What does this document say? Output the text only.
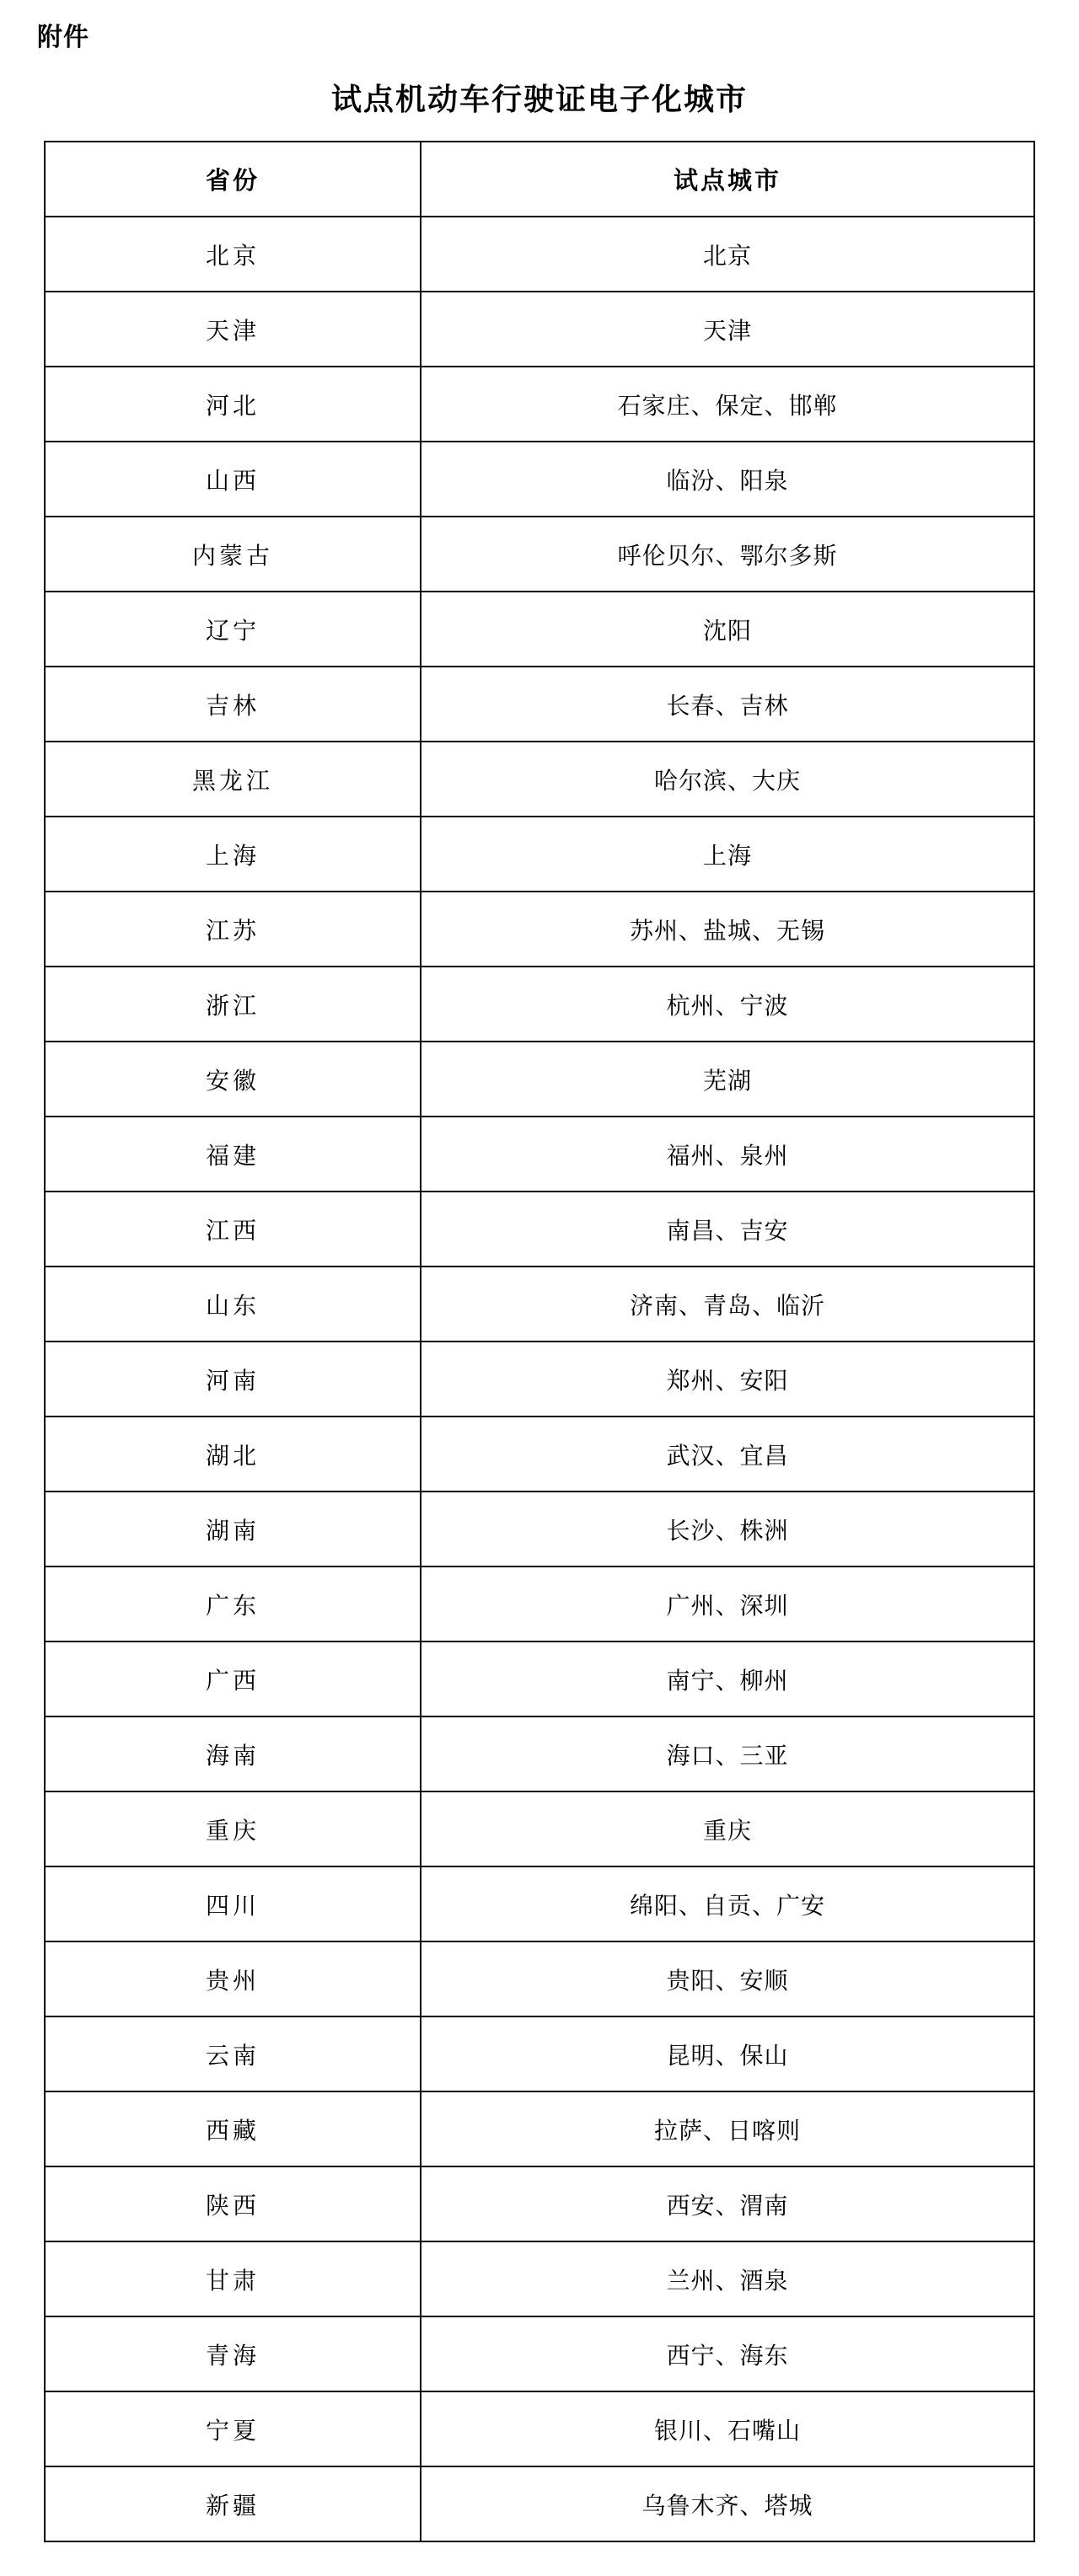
附件
试点机动车行驶证电子化城市
省份	试点城市
北京	北京
天津	天津
河北	石家庄、保定、邯郸
山西	临汾、阳泉
内蒙古	呼伦贝尔、鄂尔多斯
辽宁	沈阳
吉林	长春、吉林
黑龙江	哈尔滨、大庆
上海	上海
江苏	苏州、盐城、无锡
浙江	杭州、宁波
安徽	芜湖
福建	福州、泉州
江西	南昌、吉安
山东	济南、青岛、临沂
河南	郑州、安阳
湖北	武汉、宜昌
湖南	长沙、株洲
广东	广州、深圳
广西	南宁、柳州
海南	海口、三亚
重庆	重庆
四川	绵阳、自贡、广安
贵州	贵阳、安顺
云南	昆明、保山
西藏	拉萨、日喀则
陕西	西安、渭南
甘肃	兰州、酒泉
青海	西宁、海东
宁夏	银川、石嘴山
新疆	乌鲁木齐、塔城
